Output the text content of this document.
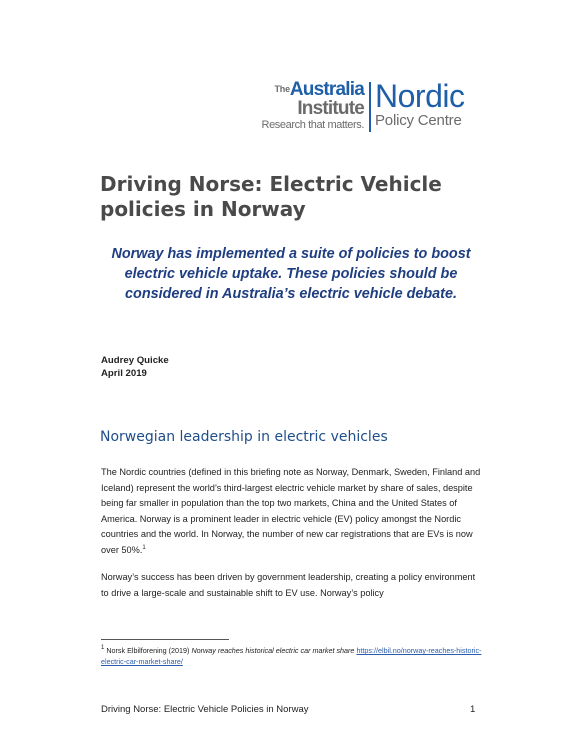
$^{The}$Australia
Institute
Research that matters.
Nordic
Policy Centre
Driving Norse: Electric Vehicle policies in Norway

Norway has implemented a suite of policies to boost electric vehicle uptake. These policies should be considered in Australia’s electric vehicle debate.

Audrey Quicke
April 2019
Norwegian leadership in electric vehicles

The Nordic countries (defined in this briefing note as Norway, Denmark, Sweden, Finland and Iceland) represent the world’s third-largest electric vehicle market by share of sales, despite being far smaller in population than the top two markets, China and the United States of America. Norway is a prominent leader in electric vehicle (EV) policy amongst the Nordic countries and the world. In Norway, the number of new car registrations that are EVs is now over 50%.$^1$

Norway’s success has been driven by government leadership, creating a policy environment to drive a large-scale and sustainable shift to EV use. Norway’s policy

$^1$ Norsk Elbilforening (2019) Norway reaches historical electric car market share https://elbil.no/norway-reaches-historic-electric-car-market-share/

Driving Norse: Electric Vehicle Policies in Norway	1
